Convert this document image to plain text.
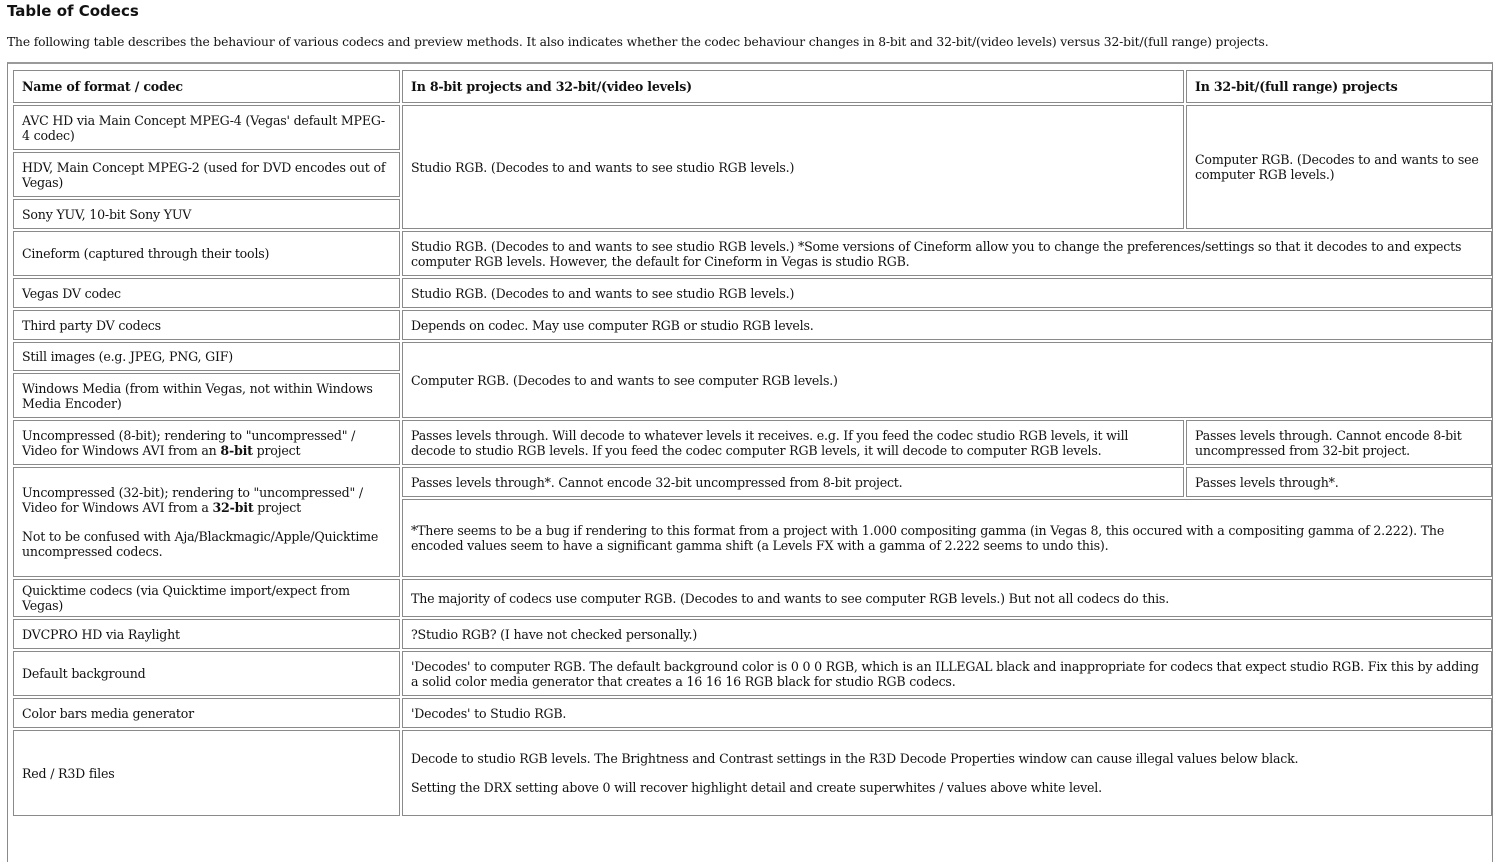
Table of Codecs

The following table describes the behaviour of various codecs and preview methods. It also indicates whether the codec behaviour changes in 8-bit and 32-bit/(video levels) versus 32-bit/(full range) projects.

Name of format / codec	In 8-bit projects and 32-bit/(video levels)	In 32-bit/(full range) projects
AVC HD via Main Concept MPEG-4 (Vegas' default MPEG-4 codec)	Studio RGB. (Decodes to and wants to see studio RGB levels.)	Computer RGB. (Decodes to and wants to see computer RGB levels.)
HDV, Main Concept MPEG-2 (used for DVD encodes out of Vegas)		
Sony YUV, 10-bit Sony YUV		
Cineform (captured through their tools)	Studio RGB. (Decodes to and wants to see studio RGB levels.) *Some versions of Cineform allow you to change the preferences/settings so that it decodes to and expects computer RGB levels. However, the default for Cineform in Vegas is studio RGB.	
Vegas DV codec	Studio RGB. (Decodes to and wants to see studio RGB levels.)	
Third party DV codecs	Depends on codec. May use computer RGB or studio RGB levels.	
Still images (e.g. JPEG, PNG, GIF)	Computer RGB. (Decodes to and wants to see computer RGB levels.)	
Windows Media (from within Vegas, not within Windows Media Encoder)		
Uncompressed (8-bit); rendering to "uncompressed" / Video for Windows AVI from an 8-bit project	Passes levels through. Will decode to whatever levels it receives. e.g. If you feed the codec studio RGB levels, it will decode to studio RGB levels. If you feed the codec computer RGB levels, it will decode to computer RGB levels.	Passes levels through. Cannot encode 8-bit uncompressed from 32-bit project.

Uncompressed (32-bit); rendering to "uncompressed" / Video for Windows AVI from a 32-bit project

Not to be confused with Aja/Blackmagic/Apple/Quicktime uncompressed codecs.	Passes levels through*. Cannot encode 32-bit uncompressed from 8-bit project.	Passes levels through*.
	*There seems to be a bug if rendering to this format from a project with 1.000 compositing gamma (in Vegas 8, this occured with a compositing gamma of 2.222). The encoded values seem to have a significant gamma shift (a Levels FX with a gamma of 2.222 seems to undo this).	
Quicktime codecs (via Quicktime import/expect from Vegas)	The majority of codecs use computer RGB. (Decodes to and wants to see computer RGB levels.) But not all codecs do this.	
DVCPRO HD via Raylight	?Studio RGB? (I have not checked personally.)	
Default background	'Decodes' to computer RGB. The default background color is 0 0 0 RGB, which is an ILLEGAL black and inappropriate for codecs that expect studio RGB. Fix this by adding a solid color media generator that creates a 16 16 16 RGB black for studio RGB codecs.	
Color bars media generator	'Decodes' to Studio RGB.	
Red / R3D files	Decode to studio RGB levels. The Brightness and Contrast settings in the R3D Decode Properties window can cause illegal values below black.

Setting the DRX setting above 0 will recover highlight detail and create superwhites / values above white level.	
